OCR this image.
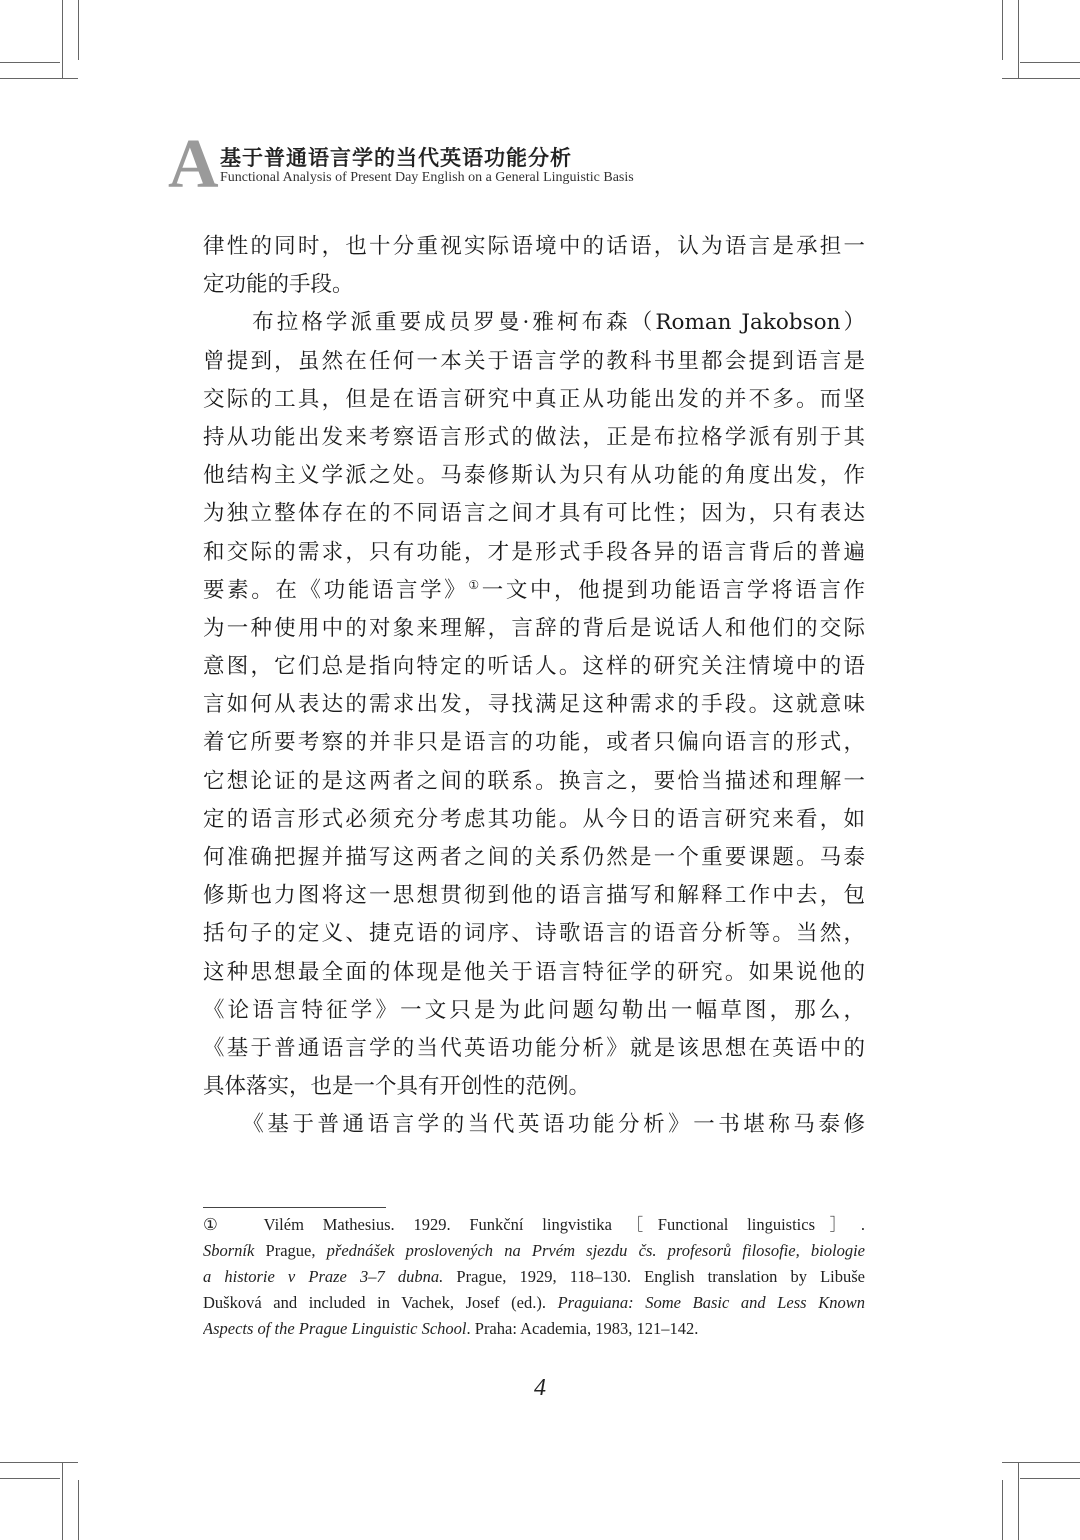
A 基于普通语言学的当代英语功能分析
Functional Analysis of Present Day English on a General Linguistic Basis
律性的同时，也十分重视实际语境中的话语，认为语言是承担一
定功能的手段。
　　布拉格学派重要成员罗曼·雅柯布森（Roman Jakobson）
曾提到，虽然在任何一本关于语言学的教科书里都会提到语言是
交际的工具，但是在语言研究中真正从功能出发的并不多。而坚
持从功能出发来考察语言形式的做法，正是布拉格学派有别于其
他结构主义学派之处。马泰修斯认为只有从功能的角度出发，作
为独立整体存在的不同语言之间才具有可比性；因为，只有表达
和交际的需求，只有功能，才是形式手段各异的语言背后的普遍
要素。在《功能语言学》①一文中，他提到功能语言学将语言作
为一种使用中的对象来理解，言辞的背后是说话人和他们的交际
意图，它们总是指向特定的听话人。这样的研究关注情境中的语
言如何从表达的需求出发，寻找满足这种需求的手段。这就意味
着它所要考察的并非只是语言的功能，或者只偏向语言的形式，
它想论证的是这两者之间的联系。换言之，要恰当描述和理解一
定的语言形式必须充分考虑其功能。从今日的语言研究来看，如
何准确把握并描写这两者之间的关系仍然是一个重要课题。马泰
修斯也力图将这一思想贯彻到他的语言描写和解释工作中去，包
括句子的定义、捷克语的词序、诗歌语言的语音分析等。当然，
这种思想最全面的体现是他关于语言特征学的研究。如果说他的
《论语言特征学》一文只是为此问题勾勒出一幅草图，那么，
《基于普通语言学的当代英语功能分析》就是该思想在英语中的
具体落实，也是一个具有开创性的范例。
　　《基于普通语言学的当代英语功能分析》一书堪称马泰修
①　Vilém Mathesius. 1929. Funkční lingvistika［Functional linguistics］.
Sborník Prague, přednášek proslovených na Prvém sjezdu čs. profesorů filosofie, biologie
a historie v Praze 3–7 dubna. Prague, 1929, 118–130. English translation by Libuše
Dušková and included in Vachek, Josef (ed.). Praguiana: Some Basic and Less Known
Aspects of the Prague Linguistic School. Praha: Academia, 1983, 121–142.
4
